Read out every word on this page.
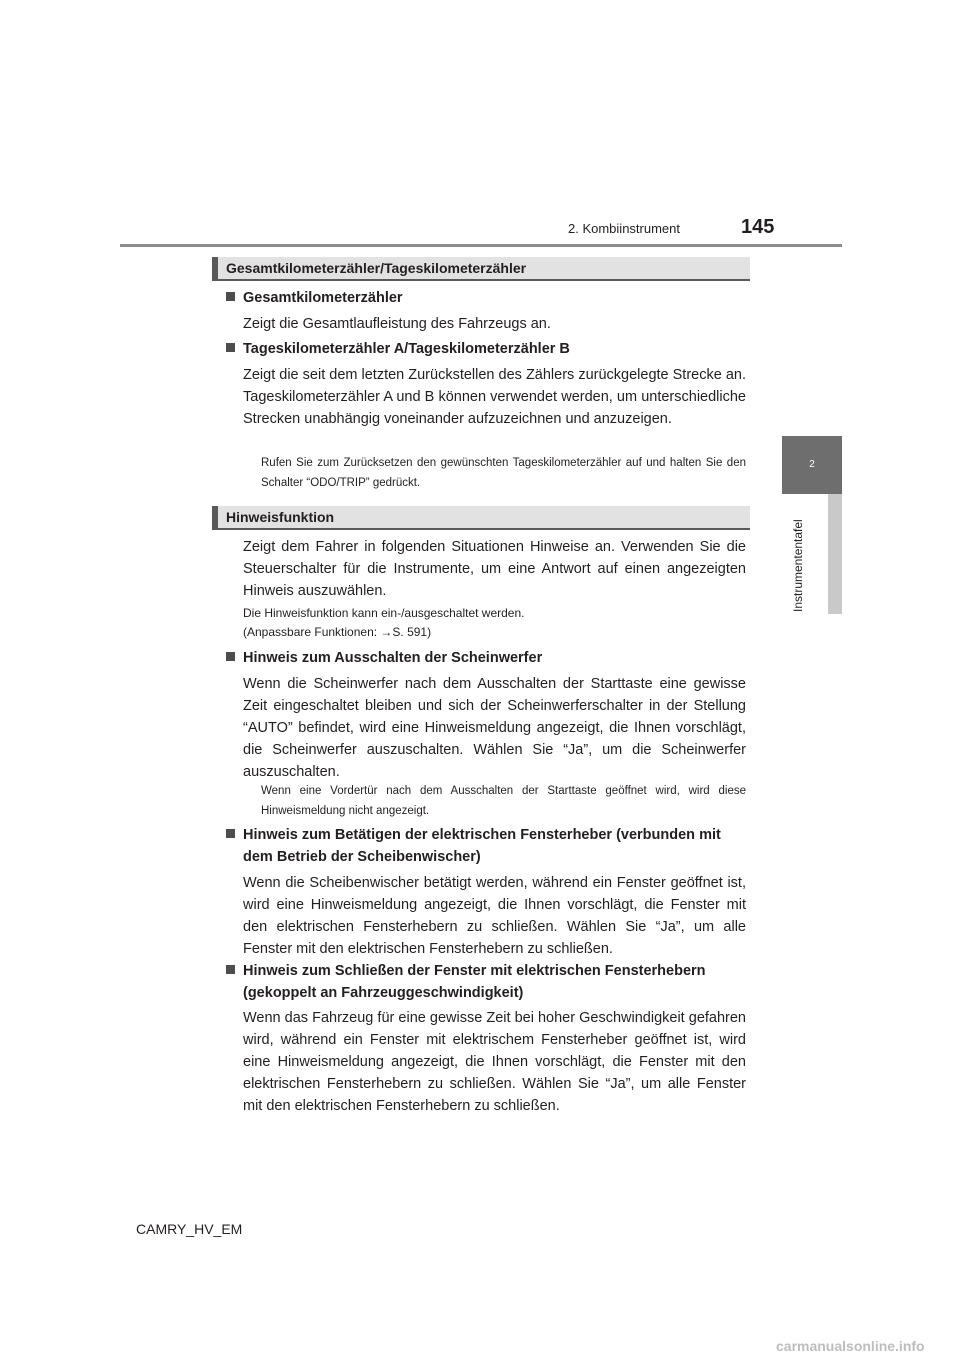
2. Kombiinstrument	145
2
Instrumententafel
Gesamtkilometerzähler/Tageskilometerzähler
Gesamtkilometerzähler
Zeigt die Gesamtlaufleistung des Fahrzeugs an.
Tageskilometerzähler A/Tageskilometerzähler B
Zeigt die seit dem letzten Zurückstellen des Zählers zurückgelegte Strecke an. Tageskilometerzähler A und B können verwendet werden, um unterschiedliche Strecken unabhängig voneinander aufzuzeichnen und anzuzeigen.
Rufen Sie zum Zurücksetzen den gewünschten Tageskilometerzähler auf und halten Sie den Schalter “ODO/TRIP” gedrückt.
Hinweisfunktion
Zeigt dem Fahrer in folgenden Situationen Hinweise an. Verwenden Sie die Steuerschalter für die Instrumente, um eine Antwort auf einen angezeigten Hinweis auszuwählen.
Die Hinweisfunktion kann ein-/ausgeschaltet werden.
(Anpassbare Funktionen: →S. 591)
Hinweis zum Ausschalten der Scheinwerfer
Wenn die Scheinwerfer nach dem Ausschalten der Starttaste eine gewisse Zeit eingeschaltet bleiben und sich der Scheinwerferschalter in der Stellung “AUTO” befindet, wird eine Hinweismeldung angezeigt, die Ihnen vorschlägt, die Scheinwerfer auszuschalten. Wählen Sie “Ja”, um die Scheinwerfer auszuschalten.
Wenn eine Vordertür nach dem Ausschalten der Starttaste geöffnet wird, wird diese Hinweismeldung nicht angezeigt.
Hinweis zum Betätigen der elektrischen Fensterheber (verbunden mit
dem Betrieb der Scheibenwischer)
Wenn die Scheibenwischer betätigt werden, während ein Fenster geöffnet ist, wird eine Hinweismeldung angezeigt, die Ihnen vorschlägt, die Fenster mit den elektrischen Fensterhebern zu schließen. Wählen Sie “Ja”, um alle Fenster mit den elektrischen Fensterhebern zu schließen.
Hinweis zum Schließen der Fenster mit elektrischen Fensterhebern
(gekoppelt an Fahrzeuggeschwindigkeit)
Wenn das Fahrzeug für eine gewisse Zeit bei hoher Geschwindigkeit gefahren wird, während ein Fenster mit elektrischem Fensterheber geöffnet ist, wird eine Hinweismeldung angezeigt, die Ihnen vorschlägt, die Fenster mit den elektrischen Fensterhebern zu schließen. Wählen Sie “Ja”, um alle Fenster mit den elektrischen Fensterhebern zu schließen.
CAMRY_HV_EM
carmanualsonline.info
